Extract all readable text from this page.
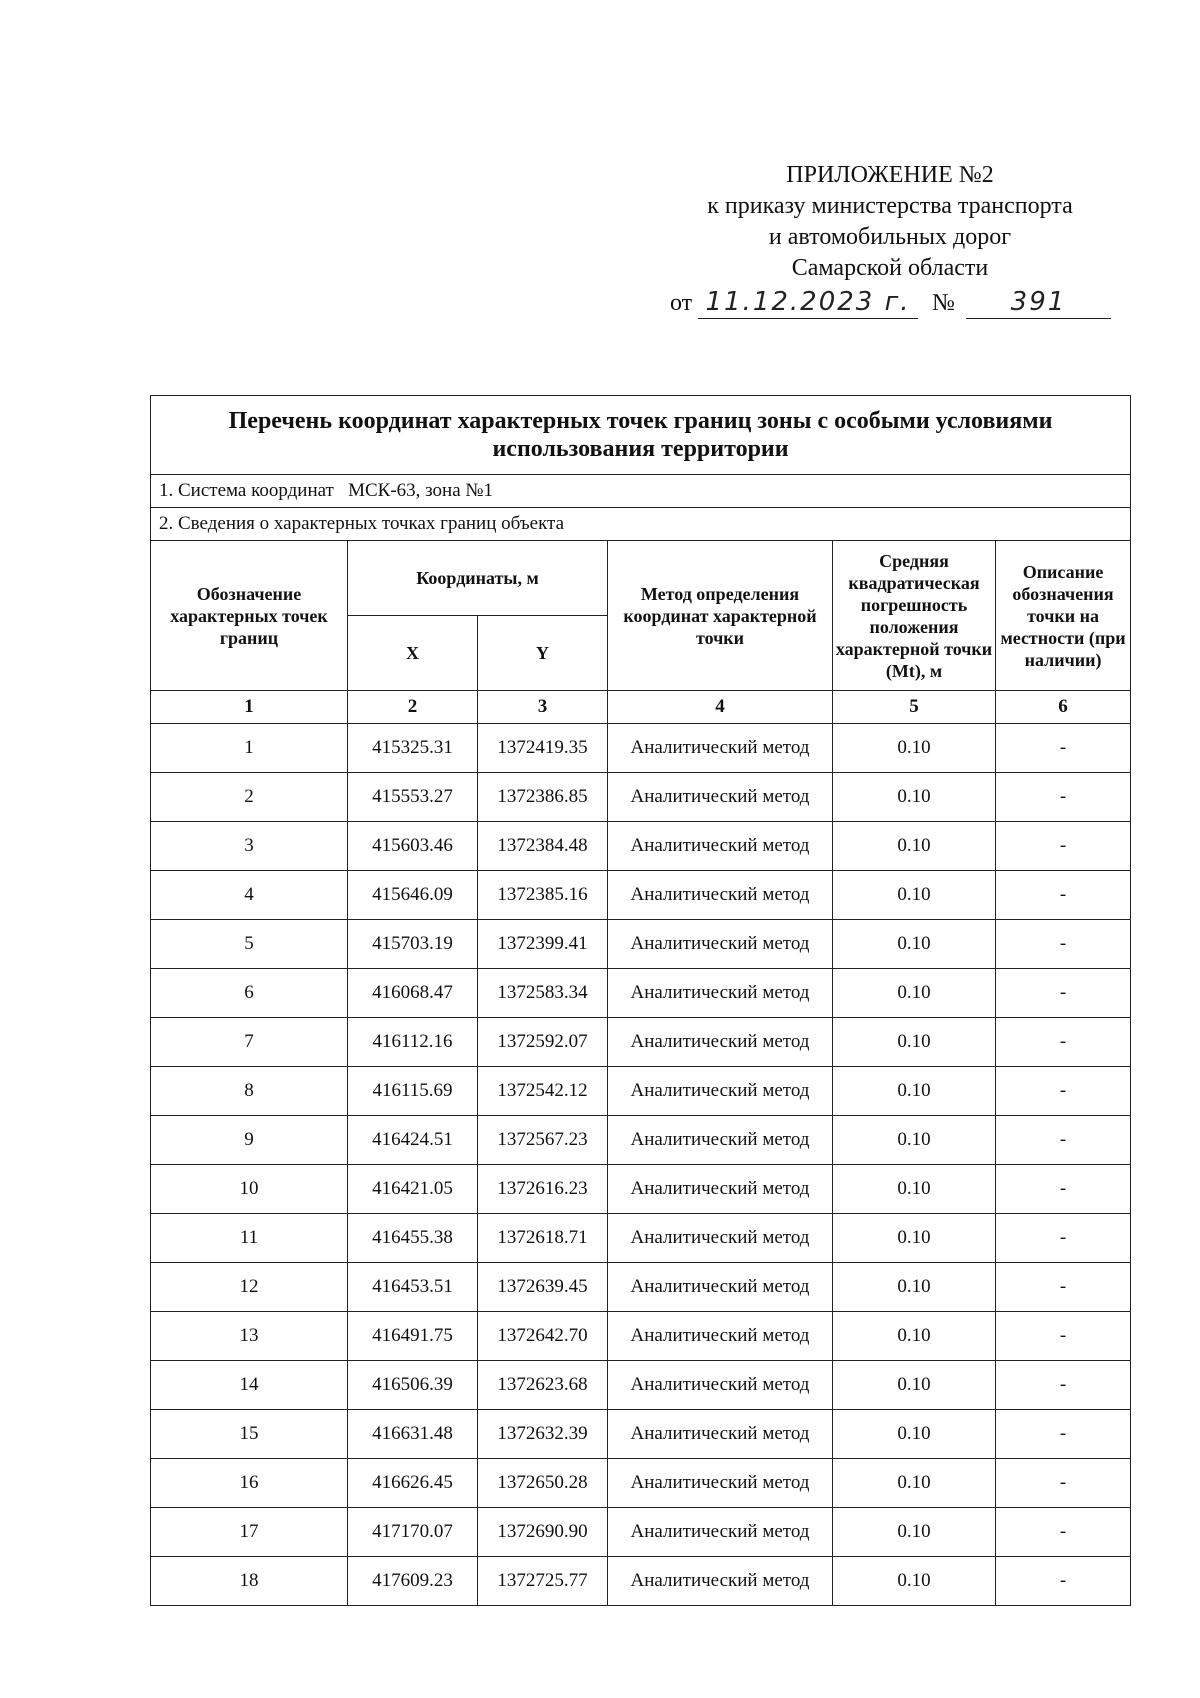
ПРИЛОЖЕНИЕ №2
к приказу министерства транспорта
и автомобильных дорог
Самарской области
от 11.12.2023 г. №	391
Перечень координат характерных точек границ зоны с особыми условиями использования территории					
1. Система координат   МСК-63, зона №1					
2. Сведения о характерных точках границ объекта					
Обозначение характерных точек границ	Координаты, м		Метод определения координат характерной точки	Средняя квадратическая погрешность положения характерной точки (Mt), м	Описание обозначения точки на местности (при наличии)
	X	Y			
1	2	3	4	5	6
1	415325.31	1372419.35	Аналитический метод	0.10	-
2	415553.27	1372386.85	Аналитический метод	0.10	-
3	415603.46	1372384.48	Аналитический метод	0.10	-
4	415646.09	1372385.16	Аналитический метод	0.10	-
5	415703.19	1372399.41	Аналитический метод	0.10	-
6	416068.47	1372583.34	Аналитический метод	0.10	-
7	416112.16	1372592.07	Аналитический метод	0.10	-
8	416115.69	1372542.12	Аналитический метод	0.10	-
9	416424.51	1372567.23	Аналитический метод	0.10	-
10	416421.05	1372616.23	Аналитический метод	0.10	-
11	416455.38	1372618.71	Аналитический метод	0.10	-
12	416453.51	1372639.45	Аналитический метод	0.10	-
13	416491.75	1372642.70	Аналитический метод	0.10	-
14	416506.39	1372623.68	Аналитический метод	0.10	-
15	416631.48	1372632.39	Аналитический метод	0.10	-
16	416626.45	1372650.28	Аналитический метод	0.10	-
17	417170.07	1372690.90	Аналитический метод	0.10	-
18	417609.23	1372725.77	Аналитический метод	0.10	-
